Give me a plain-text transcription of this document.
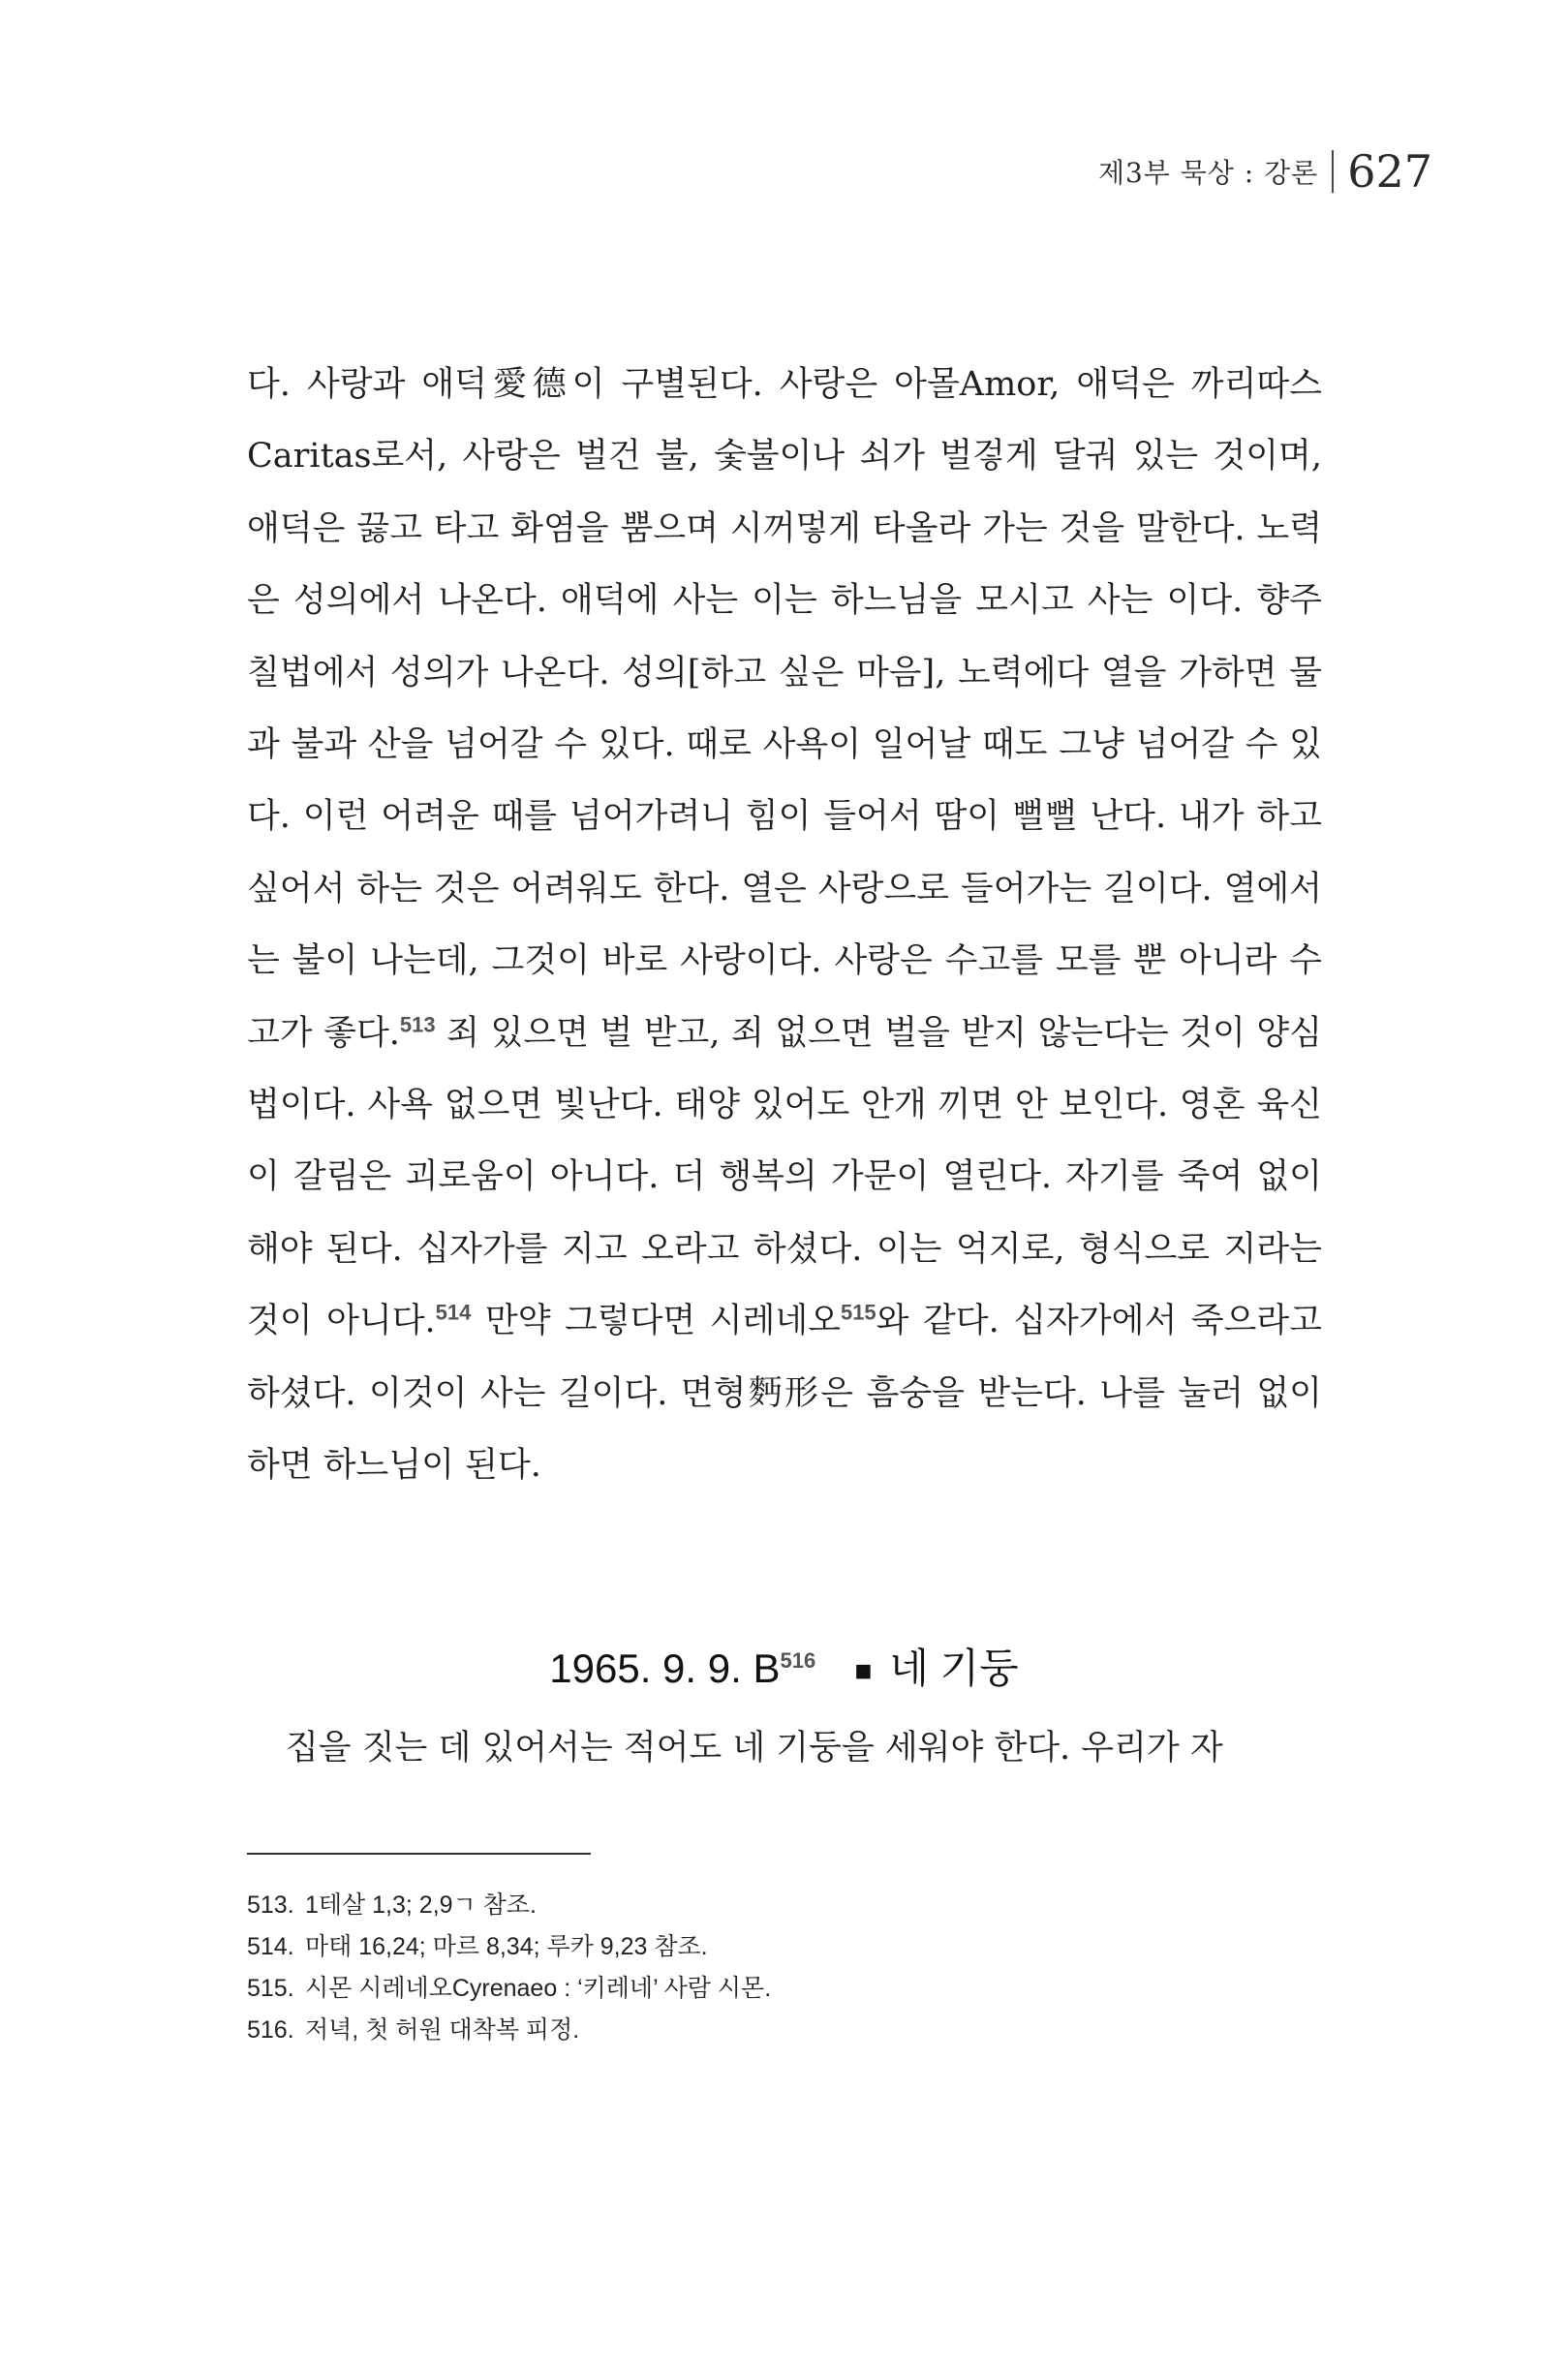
제3부 묵상 : 강론 627

다. 사랑과 애덕愛德이 구별된다. 사랑은 아몰Amor, 애덕은 까리따스Caritas로서, 사랑은 벌건 불, 숯불이나 쇠가 벌겋게 달궈 있는 것이며, 애덕은 끓고 타고 화염을 뿜으며 시꺼멓게 타올라 가는 것을 말한다. 노력은 성의에서 나온다. 애덕에 사는 이는 하느님을 모시고 사는 이다. 향주칠법에서 성의가 나온다. 성의[하고 싶은 마음], 노력에다 열을 가하면 물과 불과 산을 넘어갈 수 있다. 때로 사욕이 일어날 때도 그냥 넘어갈 수 있다. 이런 어려운 때를 넘어가려니 힘이 들어서 땀이 뻘뻘 난다. 내가 하고 싶어서 하는 것은 어려워도 한다. 열은 사랑으로 들어가는 길이다. 열에서는 불이 나는데, 그것이 바로 사랑이다. 사랑은 수고를 모를 뿐 아니라 수고가 좋다.$^{513}$ 죄 있으면 벌 받고, 죄 없으면 벌을 받지 않는다는 것이 양심법이다. 사욕 없으면 빛난다. 태양 있어도 안개 끼면 안 보인다. 영혼 육신이 갈림은 괴로움이 아니다. 더 행복의 가문이 열린다. 자기를 죽여 없이해야 된다. 십자가를 지고 오라고 하셨다. 이는 억지로, 형식으로 지라는 것이 아니다.$^{514}$ 만약 그렇다면 시레네오$^{515}$와 같다. 십자가에서 죽으라고 하셨다. 이것이 사는 길이다. 면형麪形은 흠숭을 받는다. 나를 눌러 없이하면 하느님이 된다.

1965. 9. 9. $B^{516}$ ■ 네 기둥

집을 짓는 데 있어서는 적어도 네 기둥을 세워야 한다. 우리가 자

513. 1테살 1,3; 2,9ㄱ 참조.
514. 마태 16,24; 마르 8,34; 루카 9,23 참조.
515. 시몬 시레네오Cyrenaeo : ‘키레네’ 사람 시몬.
516. 저녁, 첫 허원 대착복 피정.
